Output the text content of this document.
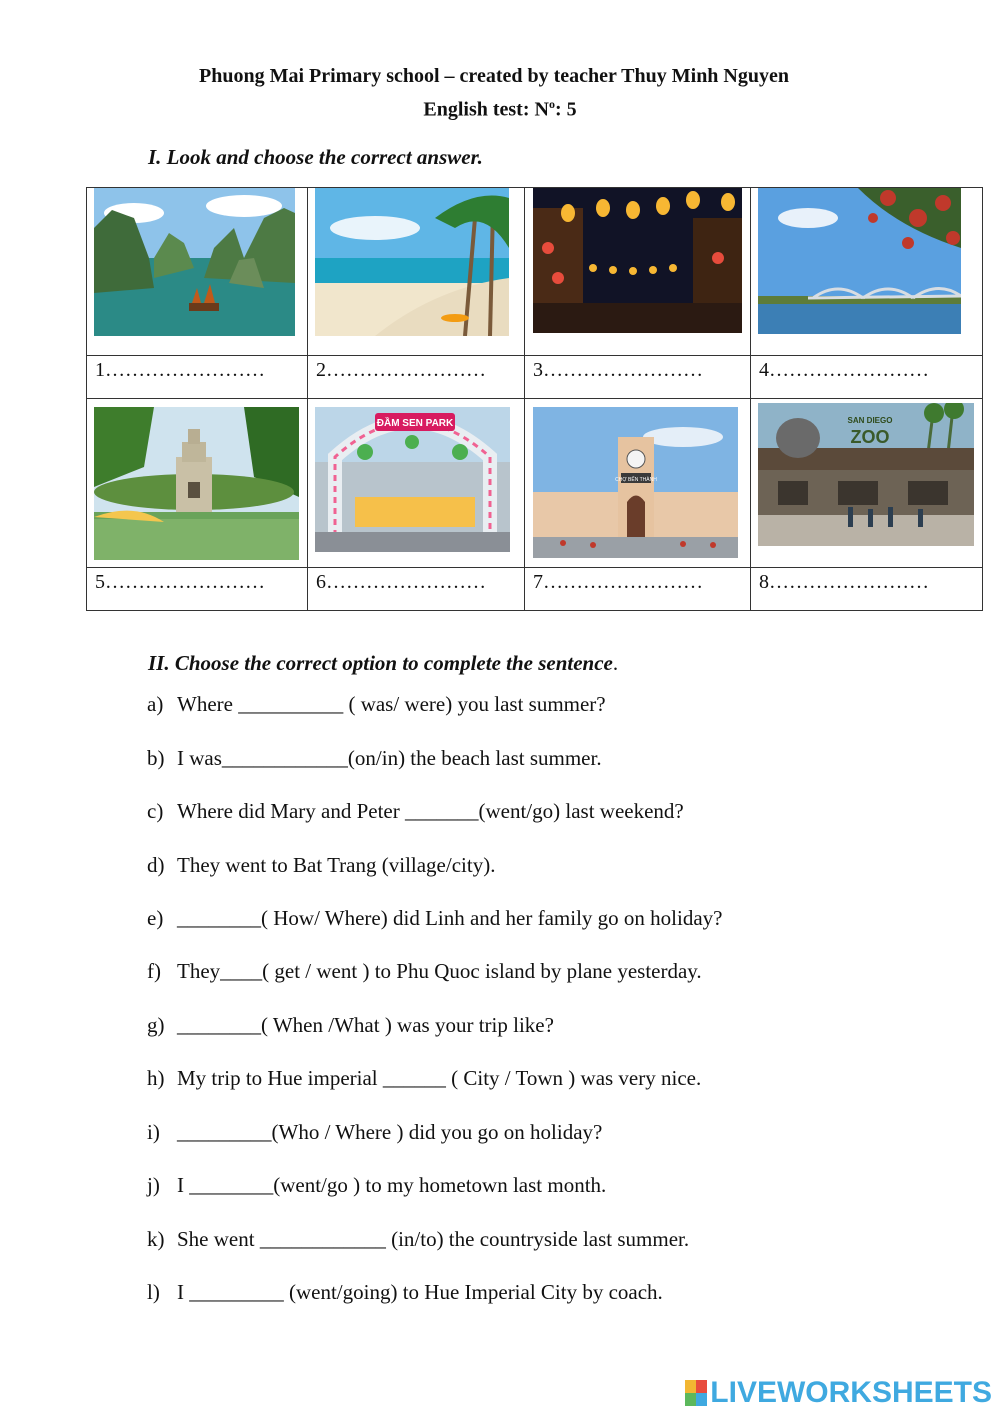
Phuong Mai Primary school – created by teacher Thuy Minh Nguyen
English test: $N^o$: 5
I. Look and choose the correct answer.

1……………………	2……………………	3……………………	4……………………

ĐẦM SEN PARK	CHỢ BẾN THÀNH	SAN DIEGO
ZOO

5……………………	6……………………	7……………………	8……………………
II. Choose the correct option to complete the sentence.
a) Where __________ ( was/ were) you last summer?
b) I was____________(on/in) the beach last summer.
c) Where did Mary and Peter _______(went/go) last weekend?
d) They went to Bat Trang (village/city).
e) ________( How/ Where) did Linh and her family go on holiday?
f) They____( get / went ) to Phu Quoc island by plane yesterday.
g) ________( When /What ) was your trip like?
h) My trip to Hue imperial ______ ( City / Town ) was very nice.
i) _________(Who / Where ) did you go on holiday?
j) I ________(went/go ) to my hometown last month.
k) She went ____________ (in/to) the countryside last summer.
l) I _________ (went/going) to Hue Imperial City by coach.
LIVEWORKSHEETS
